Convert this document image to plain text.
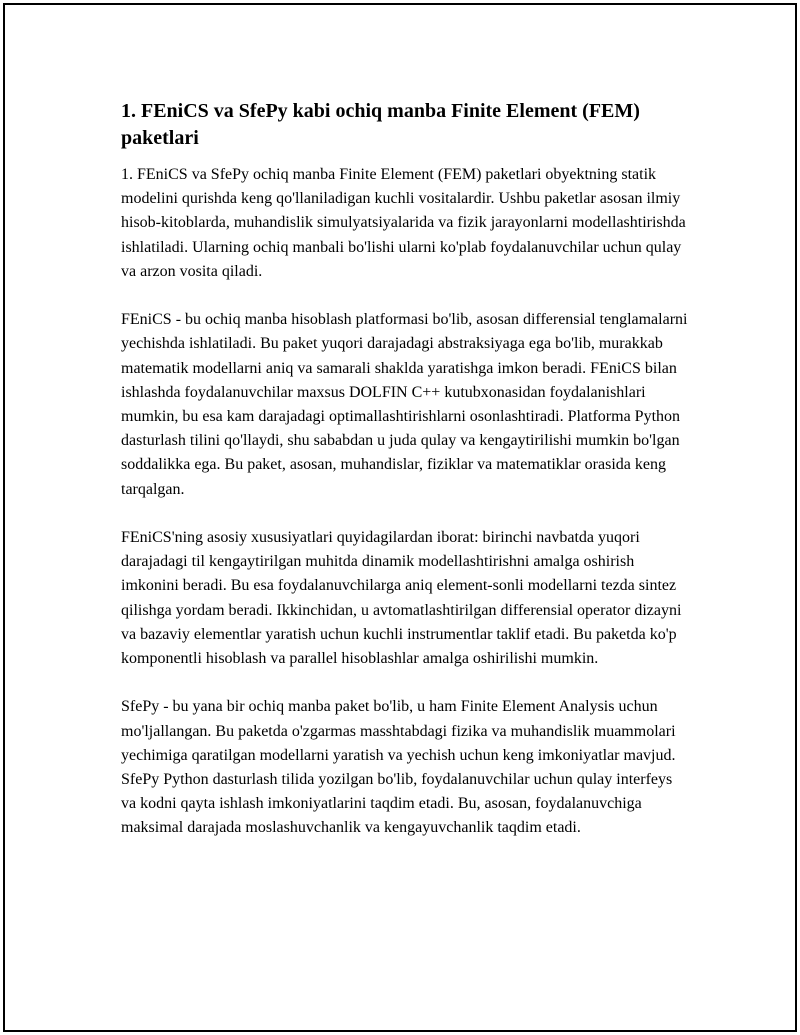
1. FEniCS va SfePy kabi ochiq manba Finite Element (FEM) paketlari

1. FEniCS va SfePy ochiq manba Finite Element (FEM) paketlari obyektning statik modelini qurishda keng qo'llaniladigan kuchli vositalardir. Ushbu paketlar asosan ilmiy hisob-kitoblarda, muhandislik simulyatsiyalarida va fizik jarayonlarni modellashtirishda ishlatiladi. Ularning ochiq manbali bo'lishi ularni ko'plab foydalanuvchilar uchun qulay va arzon vosita qiladi.

FEniCS - bu ochiq manba hisoblash platformasi bo'lib, asosan differensial tenglamalarni yechishda ishlatiladi. Bu paket yuqori darajadagi abstraksiyaga ega bo'lib, murakkab matematik modellarni aniq va samarali shaklda yaratishga imkon beradi. FEniCS bilan ishlashda foydalanuvchilar maxsus DOLFIN C++ kutubxonasidan foydalanishlari mumkin, bu esa kam darajadagi optimallashtirishlarni osonlashtiradi. Platforma Python dasturlash tilini qo'llaydi, shu sababdan u juda qulay va kengaytirilishi mumkin bo'lgan soddalikka ega. Bu paket, asosan, muhandislar, fiziklar va matematiklar orasida keng tarqalgan.

FEniCS'ning asosiy xususiyatlari quyidagilardan iborat: birinchi navbatda yuqori darajadagi til kengaytirilgan muhitda dinamik modellashtirishni amalga oshirish imkonini beradi. Bu esa foydalanuvchilarga aniq element-sonli modellarni tezda sintez qilishga yordam beradi. Ikkinchidan, u avtomatlashtirilgan differensial operator dizayni va bazaviy elementlar yaratish uchun kuchli instrumentlar taklif etadi. Bu paketda ko'p komponentli hisoblash va parallel hisoblashlar amalga oshirilishi mumkin.

SfePy - bu yana bir ochiq manba paket bo'lib, u ham Finite Element Analysis uchun mo'ljallangan. Bu paketda o'zgarmas masshtabdagi fizika va muhandislik muammolari yechimiga qaratilgan modellarni yaratish va yechish uchun keng imkoniyatlar mavjud. SfePy Python dasturlash tilida yozilgan bo'lib, foydalanuvchilar uchun qulay interfeys va kodni qayta ishlash imkoniyatlarini taqdim etadi. Bu, asosan, foydalanuvchiga maksimal darajada moslashuvchanlik va kengayuvchanlik taqdim etadi.
